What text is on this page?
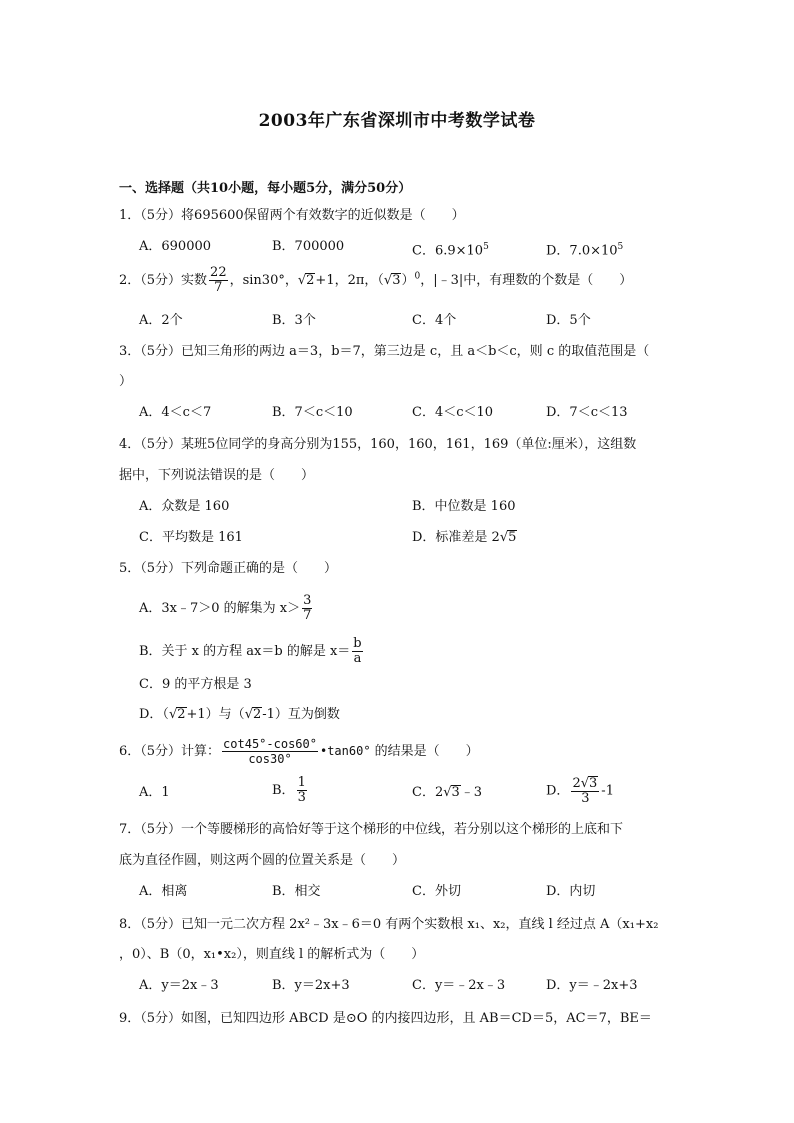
2003年广东省深圳市中考数学试卷
一、选择题（共10小题，每小题5分，满分50分）
1．（5分）将695600保留两个有效数字的近似数是（　　）
A．690000	B．700000	C．$6.9\times 10^5$	D．$7.0\times 10^5$
2．（5分）实数 $\frac{22}{7}$ ，sin30°，√2+1，2π，$(√3)^0$，|﹣3|中，有理数的个数是（　　）
A．2个	B．3个	C．4个	D．5个
3．（5分）已知三角形的两边 a＝3，b＝7，第三边是 c，且 a＜b＜c，则 c 的取值范围是（
）
A．4＜c＜7	B．7＜c＜10	C．4＜c＜10	D．7＜c＜13
4．（5分）某班5位同学的身高分别为155，160，160，161，169（单位:厘米），这组数
据中，下列说法错误的是（　　）
A．众数是 160	B．中位数是 160
C．平均数是 161	D．标准差是 2√5
5．（5分）下列命题正确的是（　　）
A．3x﹣7＞0 的解集为 $x> \frac{3}{7}$
B．关于 x 的方程 ax＝b 的解是 $x= \frac{b}{a}$
C．9 的平方根是 3
D．（√2+1）与（√2-1）互为倒数
6．（5分）计算： $\frac{\cot 45^\circ-\cos 60^\circ}{\cos 30^\circ}$ •tan60° 的结果是（　　）
A．1	B． $\frac{1}{3}$	C．2√3﹣3	D． $\frac{2√3}{3} -1$
7．（5分）一个等腰梯形的高恰好等于这个梯形的中位线，若分别以这个梯形的上底和下
底为直径作圆，则这两个圆的位置关系是（　　）
A．相离	B．相交	C．外切	D．内切
8．（5分）已知一元二次方程 2x²﹣3x﹣6＝0 有两个实数根 x₁、x₂，直线 l 经过点 A（x₁+x₂
，0）、B（0，x₁•x₂），则直线 l 的解析式为（　　）
A．y＝2x﹣3	B．y＝2x+3	C．y＝﹣2x﹣3	D．y＝﹣2x+3
9．（5分）如图，已知四边形 ABCD 是⊙O 的内接四边形，且 AB＝CD＝5，AC＝7，BE＝
